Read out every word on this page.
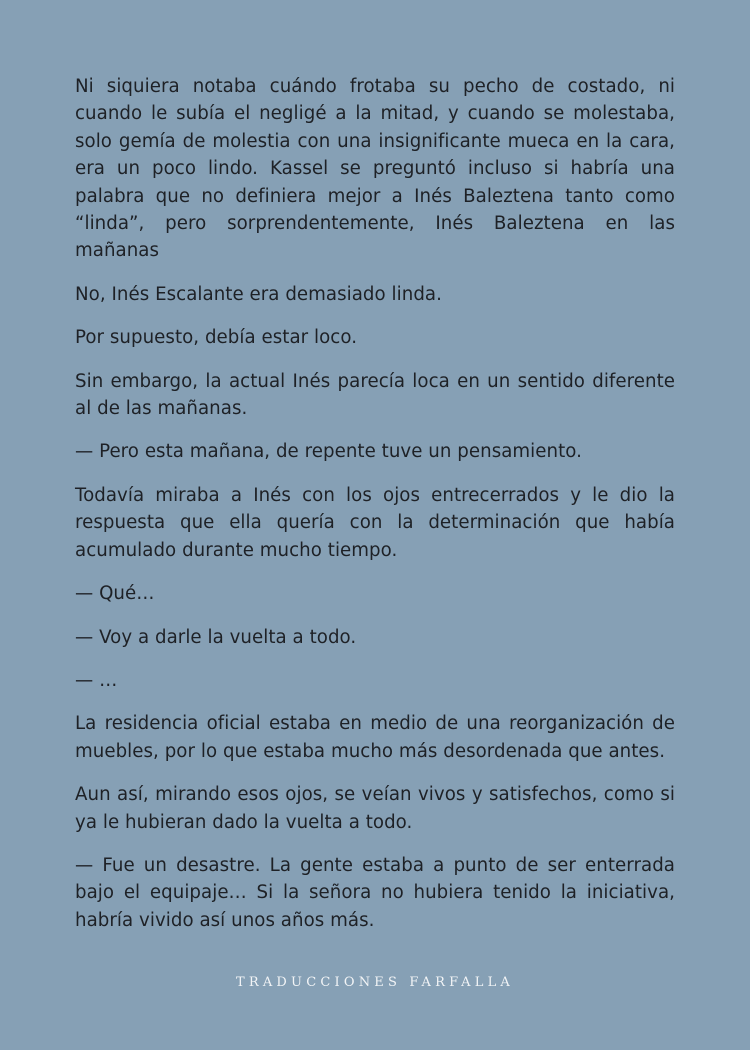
Ni siquiera notaba cuándo frotaba su pecho de costado, ni cuando le subía el negligé a la mitad, y cuando se molestaba, solo gemía de molestia con una insignificante mueca en la cara, era un poco lindo. Kassel se preguntó incluso si habría una palabra que no definiera mejor a Inés Baleztena tanto como “linda”, pero sorprendentemente, Inés Baleztena en las mañanas

No, Inés Escalante era demasiado linda.

Por supuesto, debía estar loco.

Sin embargo, la actual Inés parecía loca en un sentido diferente al de las mañanas.

— Pero esta mañana, de repente tuve un pensamiento.

Todavía miraba a Inés con los ojos entrecerrados y le dio la respuesta que ella quería con la determinación que había acumulado durante mucho tiempo.

— Qué…

— Voy a darle la vuelta a todo.

— …

La residencia oficial estaba en medio de una reorganización de muebles, por lo que estaba mucho más desordenada que antes.

Aun así, mirando esos ojos, se veían vivos y satisfechos, como si ya le hubieran dado la vuelta a todo.

— Fue un desastre. La gente estaba a punto de ser enterrada bajo el equipaje… Si la señora no hubiera tenido la iniciativa, habría vivido así unos años más.

TRADUCCIONES FARFALLA
